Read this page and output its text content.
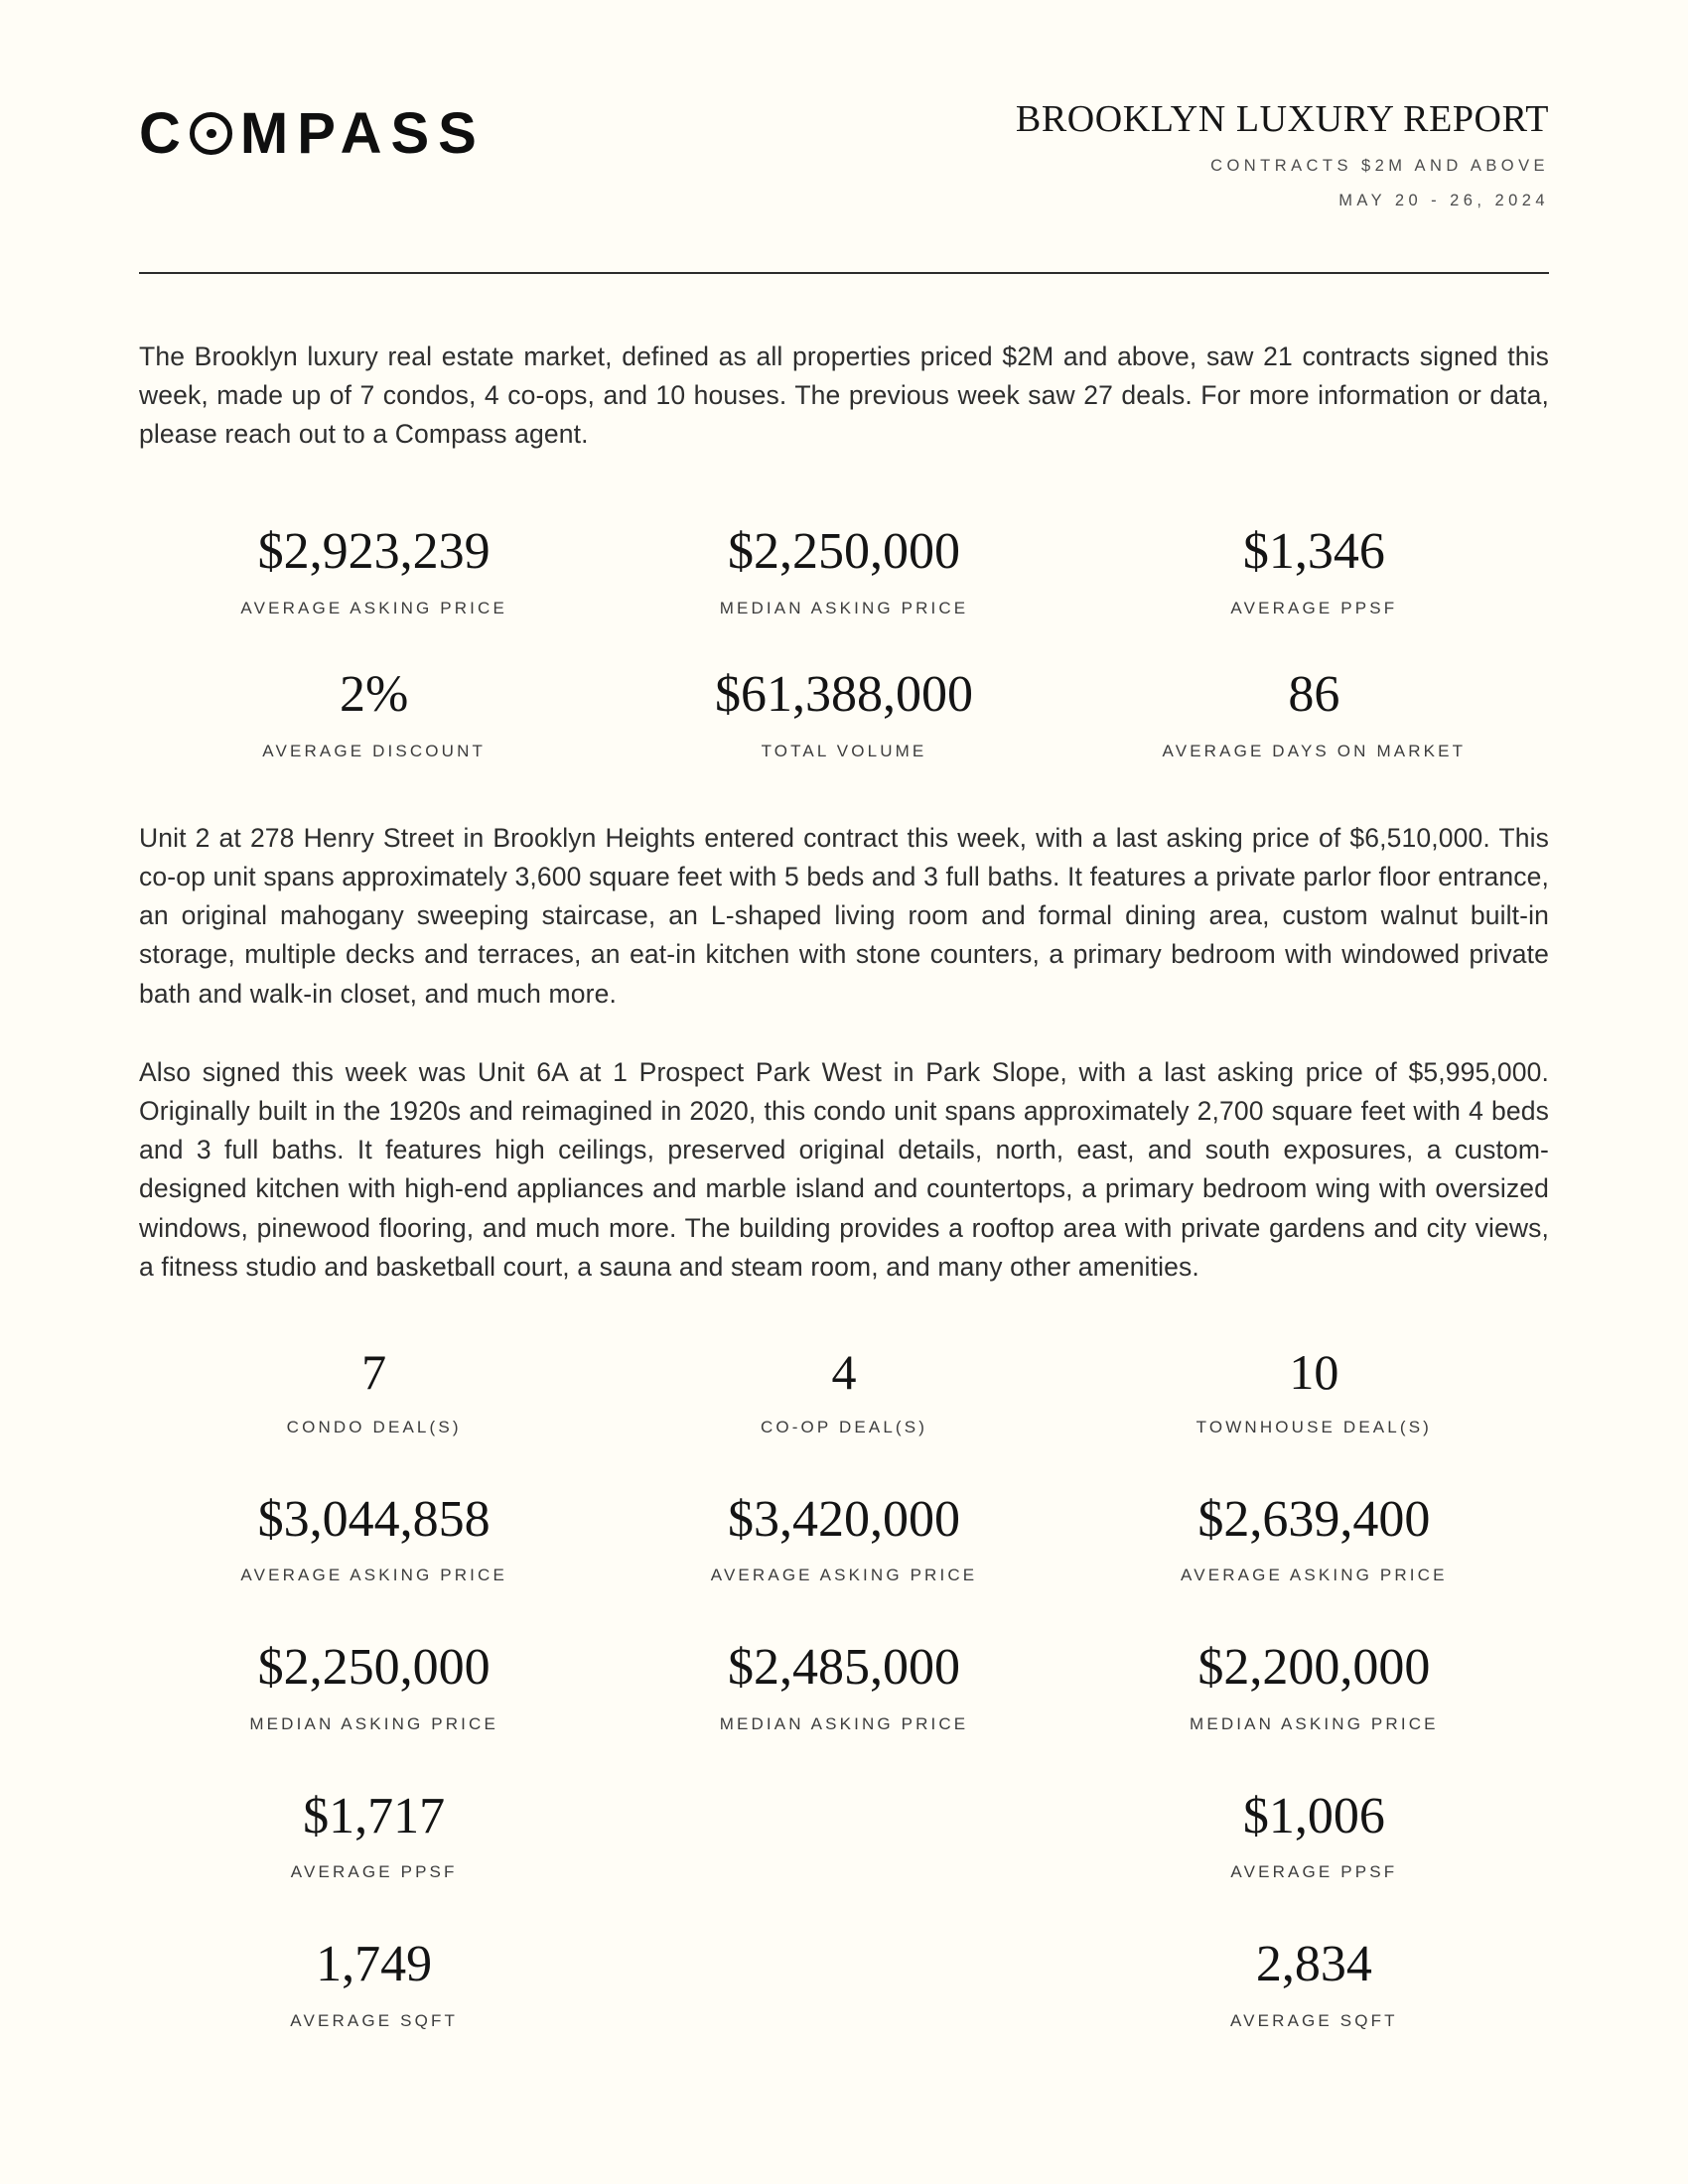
C MPASS	BROOKLYN LUXURY REPORT
CONTRACTS $2M AND ABOVE
MAY 20 - 26, 2024

The Brooklyn luxury real estate market, defined as all properties priced $2M and above, saw 21 contracts signed this week, made up of 7 condos, 4 co-ops, and 10 houses. The previous week saw 27 deals. For more information or data, please reach out to a Compass agent.

$2,923,239
AVERAGE ASKING PRICE
$2,250,000
MEDIAN ASKING PRICE
$1,346
AVERAGE PPSF
2%
AVERAGE DISCOUNT
$61,388,000
TOTAL VOLUME
86
AVERAGE DAYS ON MARKET

Unit 2 at 278 Henry Street in Brooklyn Heights entered contract this week, with a last asking price of $6,510,000. This co-op unit spans approximately 3,600 square feet with 5 beds and 3 full baths. It features a private parlor floor entrance, an original mahogany sweeping staircase, an L-shaped living room and formal dining area, custom walnut built-in storage, multiple decks and terraces, an eat-in kitchen with stone counters, a primary bedroom with windowed private bath and walk-in closet, and much more.

Also signed this week was Unit 6A at 1 Prospect Park West in Park Slope, with a last asking price of $5,995,000. Originally built in the 1920s and reimagined in 2020, this condo unit spans approximately 2,700 square feet with 4 beds and 3 full baths. It features high ceilings, preserved original details, north, east, and south exposures, a custom-designed kitchen with high-end appliances and marble island and countertops, a primary bedroom wing with oversized windows, pinewood flooring, and much more. The building provides a rooftop area with private gardens and city views, a fitness studio and basketball court, a sauna and steam room, and many other amenities.

7
CONDO DEAL(S)
4
CO-OP DEAL(S)
10
TOWNHOUSE DEAL(S)
$3,044,858
AVERAGE ASKING PRICE
$3,420,000
AVERAGE ASKING PRICE
$2,639,400
AVERAGE ASKING PRICE
$2,250,000
MEDIAN ASKING PRICE
$2,485,000
MEDIAN ASKING PRICE
$2,200,000
MEDIAN ASKING PRICE
$1,717
AVERAGE PPSF
$1,006
AVERAGE PPSF
1,749
AVERAGE SQFT
2,834
AVERAGE SQFT
